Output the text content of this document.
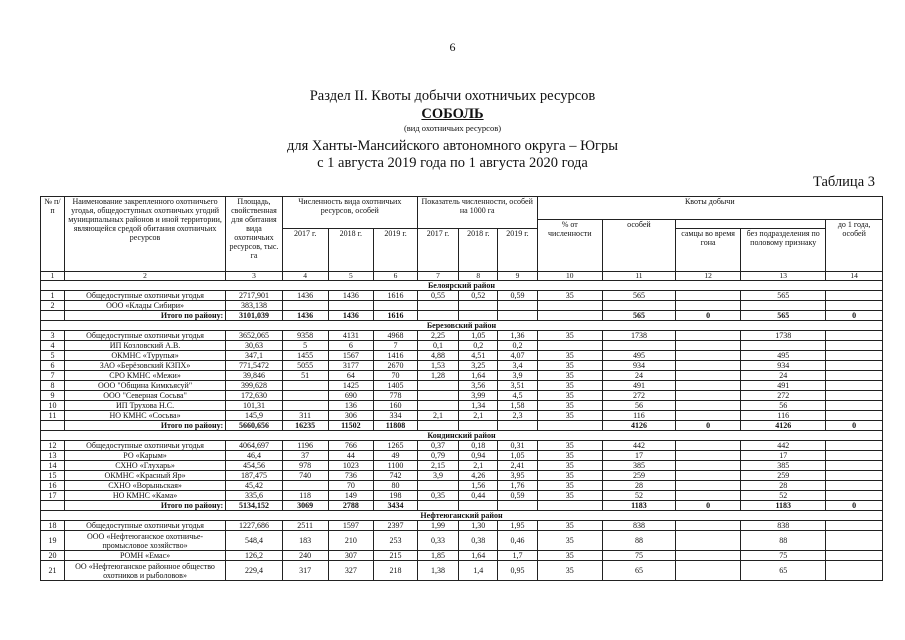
6
Раздел II. Квоты добычи охотничьих ресурсов
СОБОЛЬ
(вид охотничьих ресурсов)
для Ханты-Мансийского автономного округа – Югры
с 1 августа 2019 года по 1 августа 2020 года
Таблица 3
№ п/п	Наименование закрепленного охотничьего угодья, общедоступных охотничьих угодий муниципальных районов и иной территории, являющейся средой обитания охотничьих ресурсов	Площадь, свойственная для обитания вида охотничьих ресурсов, тыс. га	Численность вида охотничьих ресурсов, особей			Показатель численности, особей на 1000 га			Квоты добычи				
									% от численности	особей			до 1 года, особей
			2017 г.	2018 г.	2019 г.	2017 г.	2018 г.	2019 г.			самцы во время гона	без подразделения по половому признаку	
1	2	3	4	5	6	7	8	9	10	11	12	13	14
Белоярский район													
1	Общедоступные охотничьи угодья	2717,901	1436	1436	1616	0,55	0,52	0,59	35	565		565	
2	ООО «Клады Сибири»	383,138											
	Итого по району:	3101,039	1436	1436	1616					565	0	565	0
Березовский район													
3	Общедоступные охотничьи угодья	3652,065	9358	4131	4968	2,25	1,05	1,36	35	1738		1738	
4	ИП Козловский А.В.	30,63	5	6	7	0,1	0,2	0,2					
5	ОКМНС «Турупья»	347,1	1455	1567	1416	4,88	4,51	4,07	35	495		495	
6	ЗАО «Берёзовский КЗПХ»	771,5472	5055	3177	2670	1,53	3,25	3,4	35	934		934	
7	СРО КМНС «Межи»	39,846	51	64	70	1,28	1,64	3,9	35	24		24	
8	ООО "Община Кимкъясуй"	399,628		1425	1405		3,56	3,51	35	491		491	
9	ООО "Северная Сосьва"	172,630		690	778		3,99	4,5	35	272		272	
10	ИП Трухова Н.С.	101,31		136	160		1,34	1,58	35	56		56	
11	НО КМНС «Сосьва»	145,9	311	306	334	2,1	2,1	2,3	35	116		116	
	Итого по району:	5660,656	16235	11502	11808					4126	0	4126	0
Кондинский район													
12	Общедоступные охотничьи угодья	4064,697	1196	766	1265	0,37	0,18	0,31	35	442		442	
13	РО «Карым»	46,4	37	44	49	0,79	0,94	1,05	35	17		17	
14	СХНО «Глухарь»	454,56	978	1023	1100	2,15	2,1	2,41	35	385		385	
15	ОКМНС «Красный Яр»	187,475	740	736	742	3,9	4,26	3,95	35	259		259	
16	СХНО «Ворыньская»	45,42		70	80		1,56	1,76	35	28		28	
17	НО КМНС «Кама»	335,6	118	149	198	0,35	0,44	0,59	35	52		52	
	Итого по району:	5134,152	3069	2788	3434					1183	0	1183	0
Нефтеюганский район													
18	Общедоступные охотничьи угодья	1227,686	2511	1597	2397	1,99	1,30	1,95	35	838		838	
19	ООО «Нефтеюганское охотничье-промысловое хозяйство»	548,4	183	210	253	0,33	0,38	0,46	35	88		88	
20	РОМН «Емас»	126,2	240	307	215	1,85	1,64	1,7	35	75		75	
21	ОО «Нефтеюганское районное общество охотников и рыболовов»	229,4	317	327	218	1,38	1,4	0,95	35	65		65	
